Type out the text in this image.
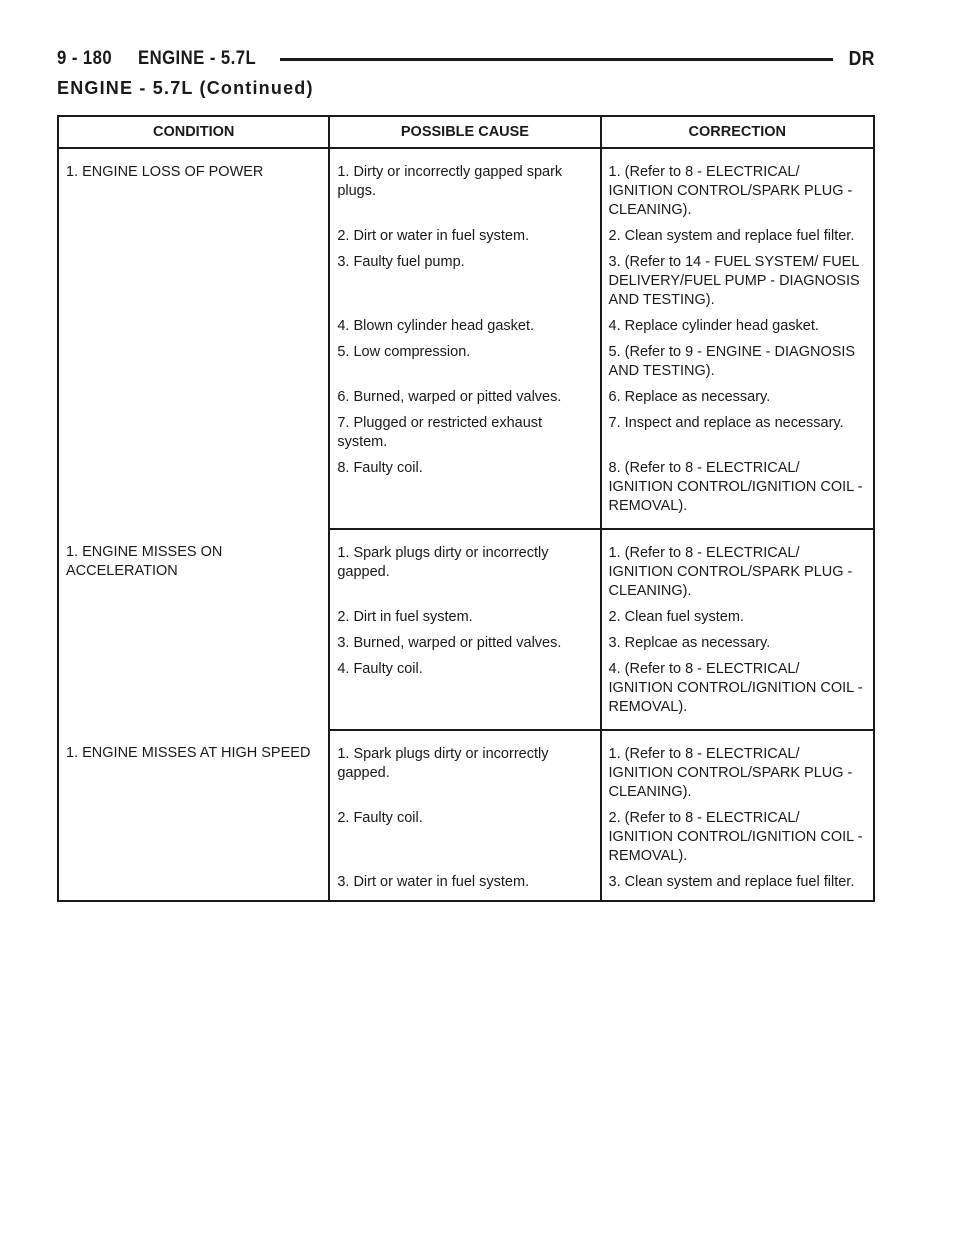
9 - 180 ENGINE - 5.7L	DR
ENGINE - 5.7L (Continued)
CONDITION	POSSIBLE CAUSE	CORRECTION
1. ENGINE LOSS OF POWER	1. Dirty or incorrectly gapped spark plugs.	1. (Refer to 8 - ELECTRICAL/ IGNITION CONTROL/SPARK PLUG - CLEANING).
	2. Dirt or water in fuel system.	2. Clean system and replace fuel filter.
	3. Faulty fuel pump.	3. (Refer to 14 - FUEL SYSTEM/ FUEL DELIVERY/FUEL PUMP - DIAGNOSIS AND TESTING).
	4. Blown cylinder head gasket.	4. Replace cylinder head gasket.
	5. Low compression.	5. (Refer to 9 - ENGINE - DIAGNOSIS AND TESTING).
	6. Burned, warped or pitted valves.	6. Replace as necessary.
	7. Plugged or restricted exhaust system.	7. Inspect and replace as necessary.
	8. Faulty coil.	8. (Refer to 8 - ELECTRICAL/ IGNITION CONTROL/IGNITION COIL - REMOVAL).
1. ENGINE MISSES ON ACCELERATION	1. Spark plugs dirty or incorrectly gapped.	1. (Refer to 8 - ELECTRICAL/ IGNITION CONTROL/SPARK PLUG - CLEANING).
	2. Dirt in fuel system.	2. Clean fuel system.
	3. Burned, warped or pitted valves.	3. Replcae as necessary.
	4. Faulty coil.	4. (Refer to 8 - ELECTRICAL/ IGNITION CONTROL/IGNITION COIL - REMOVAL).
1. ENGINE MISSES AT HIGH SPEED	1. Spark plugs dirty or incorrectly gapped.	1. (Refer to 8 - ELECTRICAL/ IGNITION CONTROL/SPARK PLUG - CLEANING).
	2. Faulty coil.	2. (Refer to 8 - ELECTRICAL/ IGNITION CONTROL/IGNITION COIL - REMOVAL).
	3. Dirt or water in fuel system.	3. Clean system and replace fuel filter.
